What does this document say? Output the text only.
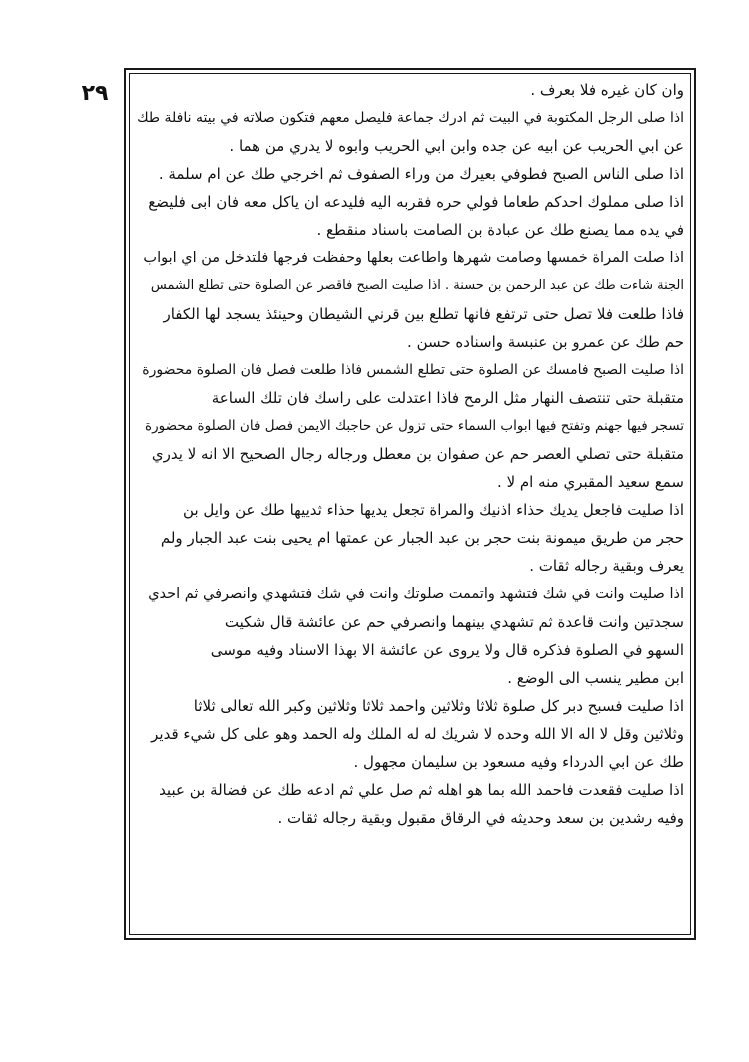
٢٩	وان كان غيره فلا بعرف .
اذا صلى الرجل المكتوبة في البيت ثم ادرك جماعة فليصل معهم فتكون صلاته في بيته نافلة طك
عن ابي الحريب عن ابيه عن جده وابن ابي الحريب وابوه لا يدري من هما .
اذا صلى الناس الصبح فطوفي بعيرك من وراء الصفوف ثم اخرجي طك عن ام سلمة .
اذا صلى مملوك احدكم طعاما فولي حره فقربه اليه فليدعه ان ياكل معه فان ابى فليضع
في يده مما يصنع طك عن عبادة بن الصامت باسناد منقطع .
اذا صلت المراة خمسها وصامت شهرها واطاعت بعلها وحفظت فرجها فلتدخل من اي ابواب
الجنة شاءت طك عن عبد الرحمن بن حسنة . اذا صليت الصبح فاقصر عن الصلوة حتى تطلع الشمس
فاذا طلعت فلا تصل حتى ترتفع فانها تطلع بين قرني الشيطان وحينئذ يسجد لها الكفار
حم طك عن عمرو بن عنبسة واسناده حسن .
اذا صليت الصبح فامسك عن الصلوة حتى تطلع الشمس فاذا طلعت فصل فان الصلوة محضورة
متقبلة حتى تنتصف النهار مثل الرمح فاذا اعتدلت على راسك فان تلك الساعة
تسجر فيها جهنم وتفتح فيها ابواب السماء حتى تزول عن حاجبك الايمن فصل فان الصلوة محضورة
متقبلة حتى تصلي العصر حم عن صفوان بن معطل ورجاله رجال الصحيح الا انه لا يدري
سمع سعيد المقبري منه ام لا .
اذا صليت فاجعل يديك حذاء اذنيك والمراة تجعل يديها حذاء ثدييها طك عن وايل بن
حجر من طريق ميمونة بنت حجر بن عبد الجبار عن عمتها ام يحيى بنت عبد الجبار ولم
يعرف وبقية رجاله ثقات .
اذا صليت وانت في شك فتشهد واتممت صلوتك وانت في شك فتشهدي وانصرفي ثم احدي
سجدتين وانت قاعدة ثم تشهدي بينهما وانصرفي حم عن عائشة قال شكيت
السهو في الصلوة فذكره قال ولا يروى عن عائشة الا بهذا الاسناد وفيه موسى
ابن مطير ينسب الى الوضع .
اذا صليت فسبح دبر كل صلوة ثلاثا وثلاثين واحمد ثلاثا وثلاثين وكبر الله تعالى ثلاثا
وثلاثين وقل لا اله الا الله وحده لا شريك له له الملك وله الحمد وهو على كل شيء قدير
طك عن ابي الدرداء وفيه مسعود بن سليمان مجهول .
اذا صليت فقعدت فاحمد الله بما هو اهله ثم صل علي ثم ادعه طك عن فضالة بن عبيد
وفيه رشدين بن سعد وحديثه في الرقاق مقبول وبقية رجاله ثقات .
